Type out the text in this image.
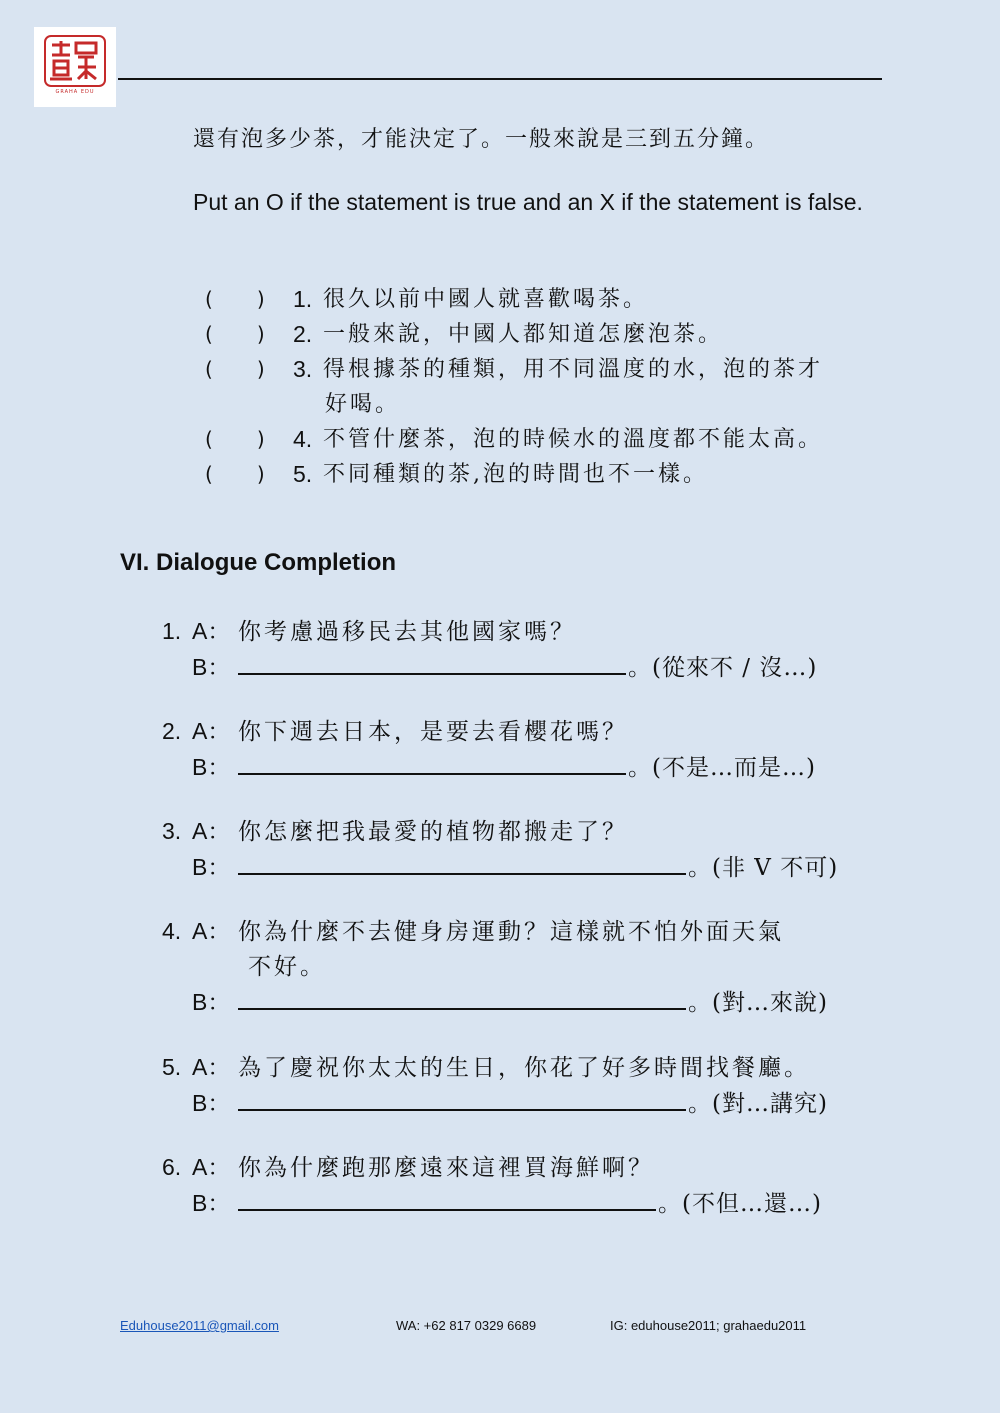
GRAHA EDU
還有泡多少茶，才能決定了。一般來說是三到五分鐘。
Put an O if the statement is true and an X if the statement is false.
( )	1. 很久以前中國人就喜歡喝茶。
( )	2. 一般來說，中國人都知道怎麼泡茶。
( )	3. 得根據茶的種類，用不同溫度的水，泡的茶才
好喝。
( )	4. 不管什麼茶，泡的時候水的溫度都不能太高。
( )	5. 不同種類的茶,泡的時間也不一樣。
VI. Dialogue Completion
1. A： 你考慮過移民去其他國家嗎？
B：	。(從來不 / 沒…)
2. A： 你下週去日本，是要去看櫻花嗎？
B：	。(不是…而是…)
3. A： 你怎麼把我最愛的植物都搬走了？
B：	。(非 V 不可)
4. A： 你為什麼不去健身房運動？這樣就不怕外面天氣
不好。
B：	。(對…來說)
5. A： 為了慶祝你太太的生日，你花了好多時間找餐廳。
B：	。(對…講究)
6. A： 你為什麼跑那麼遠來這裡買海鮮啊？
B：	。(不但…還…)
Eduhouse2011@gmail.com	WA: +62 817 0329 6689	IG: eduhouse2011; grahaedu2011
